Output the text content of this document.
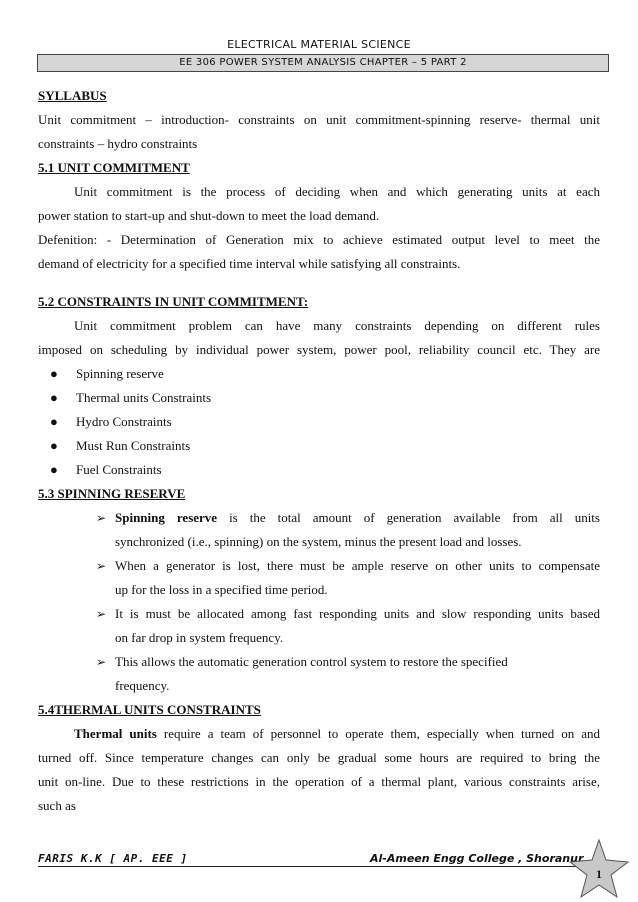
ELECTRICAL MATERIAL SCIENCE
EE 306 POWER SYSTEM ANALYSIS CHAPTER – 5 PART 2

SYLLABUS

Unit commitment – introduction- constraints on unit commitment-spinning reserve- thermal unit

constraints – hydro constraints

5.1 UNIT COMMITMENT

Unit commitment is the process of deciding when and which generating units at each

power station to start-up and shut-down to meet the load demand.

Defenition: - Determination of Generation mix to achieve estimated output level to meet the

demand of electricity for a specified time interval while satisfying all constraints.

5.2 CONSTRAINTS IN UNIT COMMITMENT:

Unit commitment problem can have many constraints depending on different rules

imposed on scheduling by individual power system, power pool, reliability council etc. They are

● Spinning reserve
● Thermal units Constraints
● Hydro Constraints
● Must Run Constraints
● Fuel Constraints

5.3 SPINNING RESERVE

➢ Spinning reserve is the total amount of generation available from all units
synchronized (i.e., spinning) on the system, minus the present load and losses.
➢ When a generator is lost, there must be ample reserve on other units to compensate
up for the loss in a specified time period.
➢ It is must be allocated among fast responding units and slow responding units based
on far drop in system frequency.
➢ This allows the automatic generation control system to restore the specified
frequency.

5.4THERMAL UNITS CONSTRAINTS

Thermal units require a team of personnel to operate them, especially when turned on and

turned off. Since temperature changes can only be gradual some hours are required to bring the

unit on-line. Due to these restrictions in the operation of a thermal plant, various constraints arise,

such as

FARIS K.K [ AP. EEE ]	Al-Ameen Engg College , Shoranur
1
